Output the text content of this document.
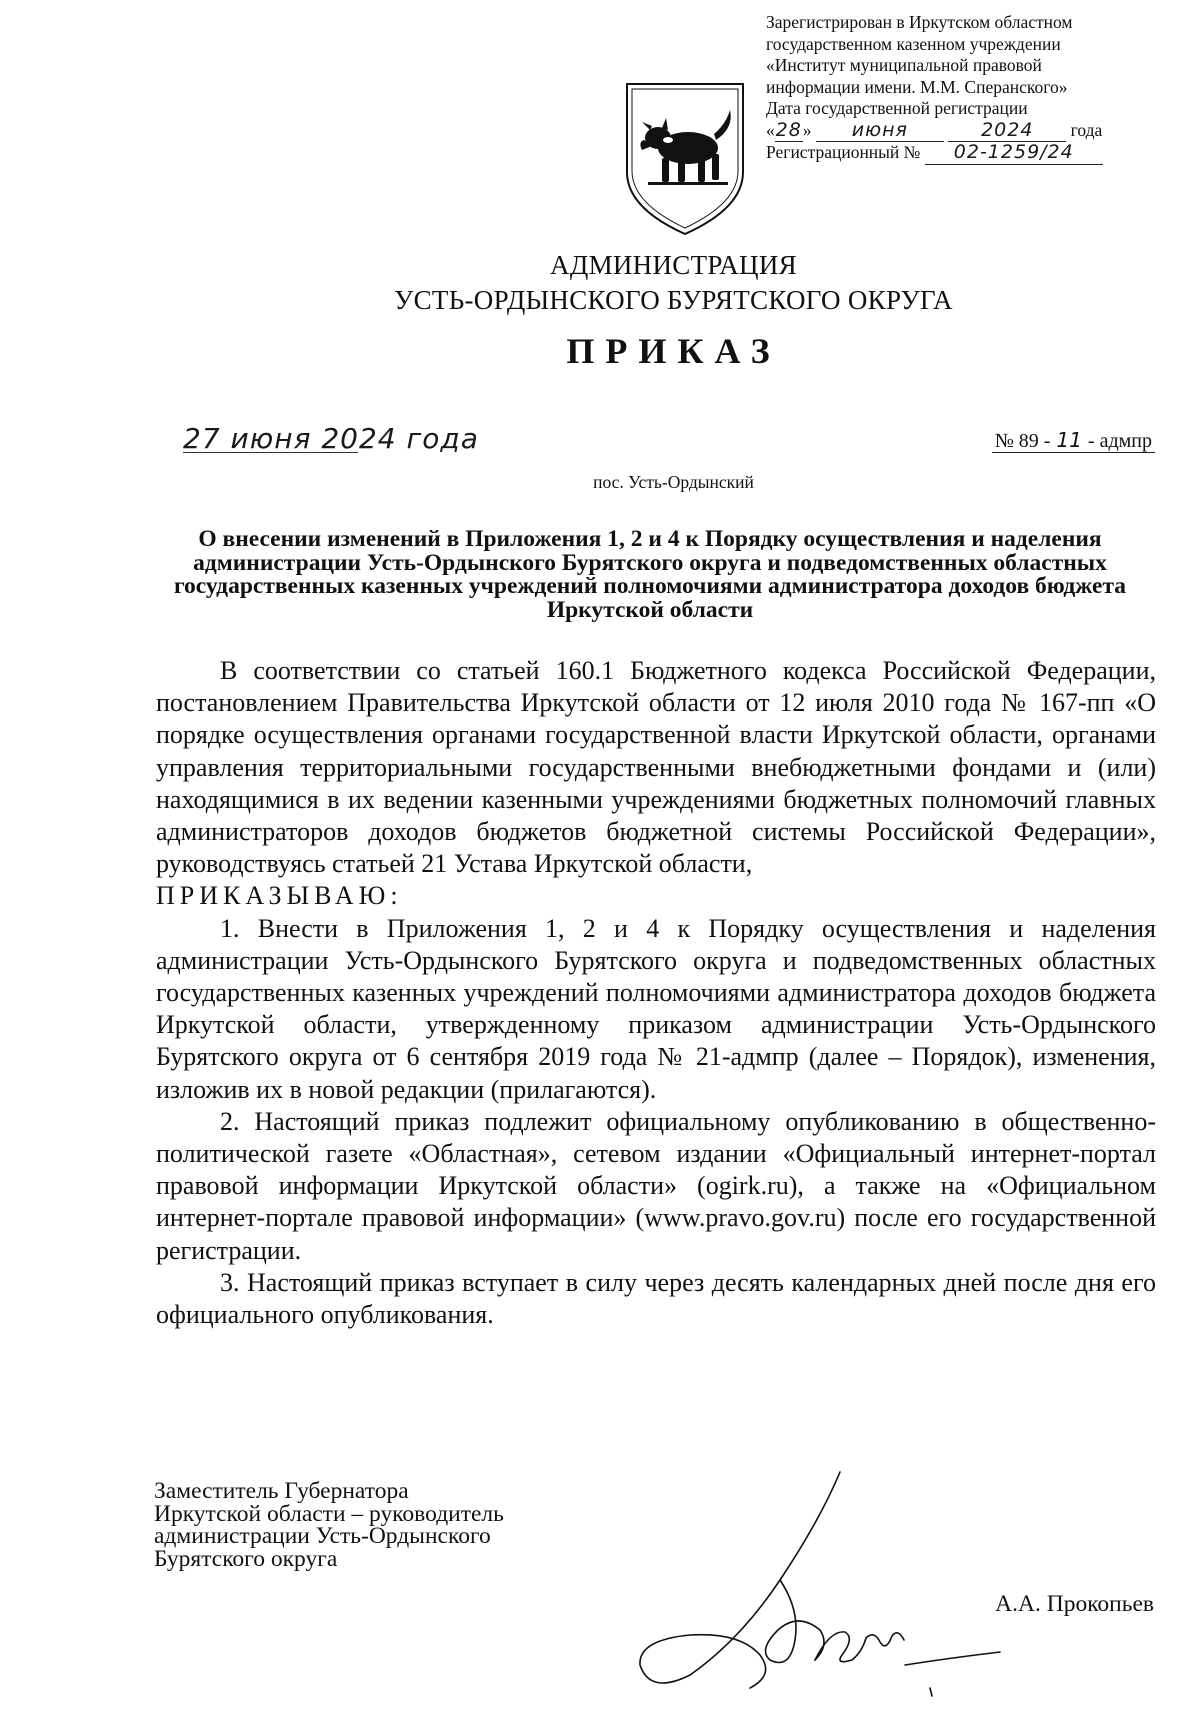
Зарегистрирован в Иркутском областном
государственном казенном учреждении
«Институт муниципальной правовой
информации имени. М.М. Сперанского»
Дата государственной регистрации
«28» июня	2024 года
Регистрационный № 02-1259/24
АДМИНИСТРАЦИЯ
УСТЬ-ОРДЫНСКОГО БУРЯТСКОГО ОКРУГА
ПРИКАЗ
27 июня 2024 года	№ 89 - 11 - адмпр
пос. Усть-Ордынский
О внесении изменений в Приложения 1, 2 и 4 к Порядку осуществления и наделения администрации Усть-Ордынского Бурятского округа и подведомственных областных государственных казенных учреждений полномочиями администратора доходов бюджета Иркутской области

В соответствии со статьей 160.1 Бюджетного кодекса Российской Федерации, постановлением Правительства Иркутской области от 12 июля 2010 года № 167-пп «О порядке осуществления органами государственной власти Иркутской области, органами управления территориальными государственными внебюджетными фондами и (или) находящимися в их ведении казенными учреждениями бюджетных полномочий главных администраторов доходов бюджетов бюджетной системы Российской Федерации», руководствуясь статьей 21 Устава Иркутской области,

ПРИКАЗЫВАЮ:

1. Внести в Приложения 1, 2 и 4 к Порядку осуществления и наделения администрации Усть-Ордынского Бурятского округа и подведомственных областных государственных казенных учреждений полномочиями администратора доходов бюджета Иркутской области, утвержденному приказом администрации Усть-Ордынского Бурятского округа от 6 сентября 2019 года № 21-адмпр (далее – Порядок), изменения, изложив их в новой редакции (прилагаются).

2. Настоящий приказ подлежит официальному опубликованию в общественно-политической газете «Областная», сетевом издании «Официальный интернет-портал правовой информации Иркутской области» (ogirk.ru), а также на «Официальном интернет-портале правовой информации» (www.pravo.gov.ru) после его государственной регистрации.

3. Настоящий приказ вступает в силу через десять календарных дней после дня его официального опубликования.

Заместитель Губернатора
Иркутской области – руководитель
администрации Усть-Ордынского
Бурятского округа
А.А. Прокопьев
